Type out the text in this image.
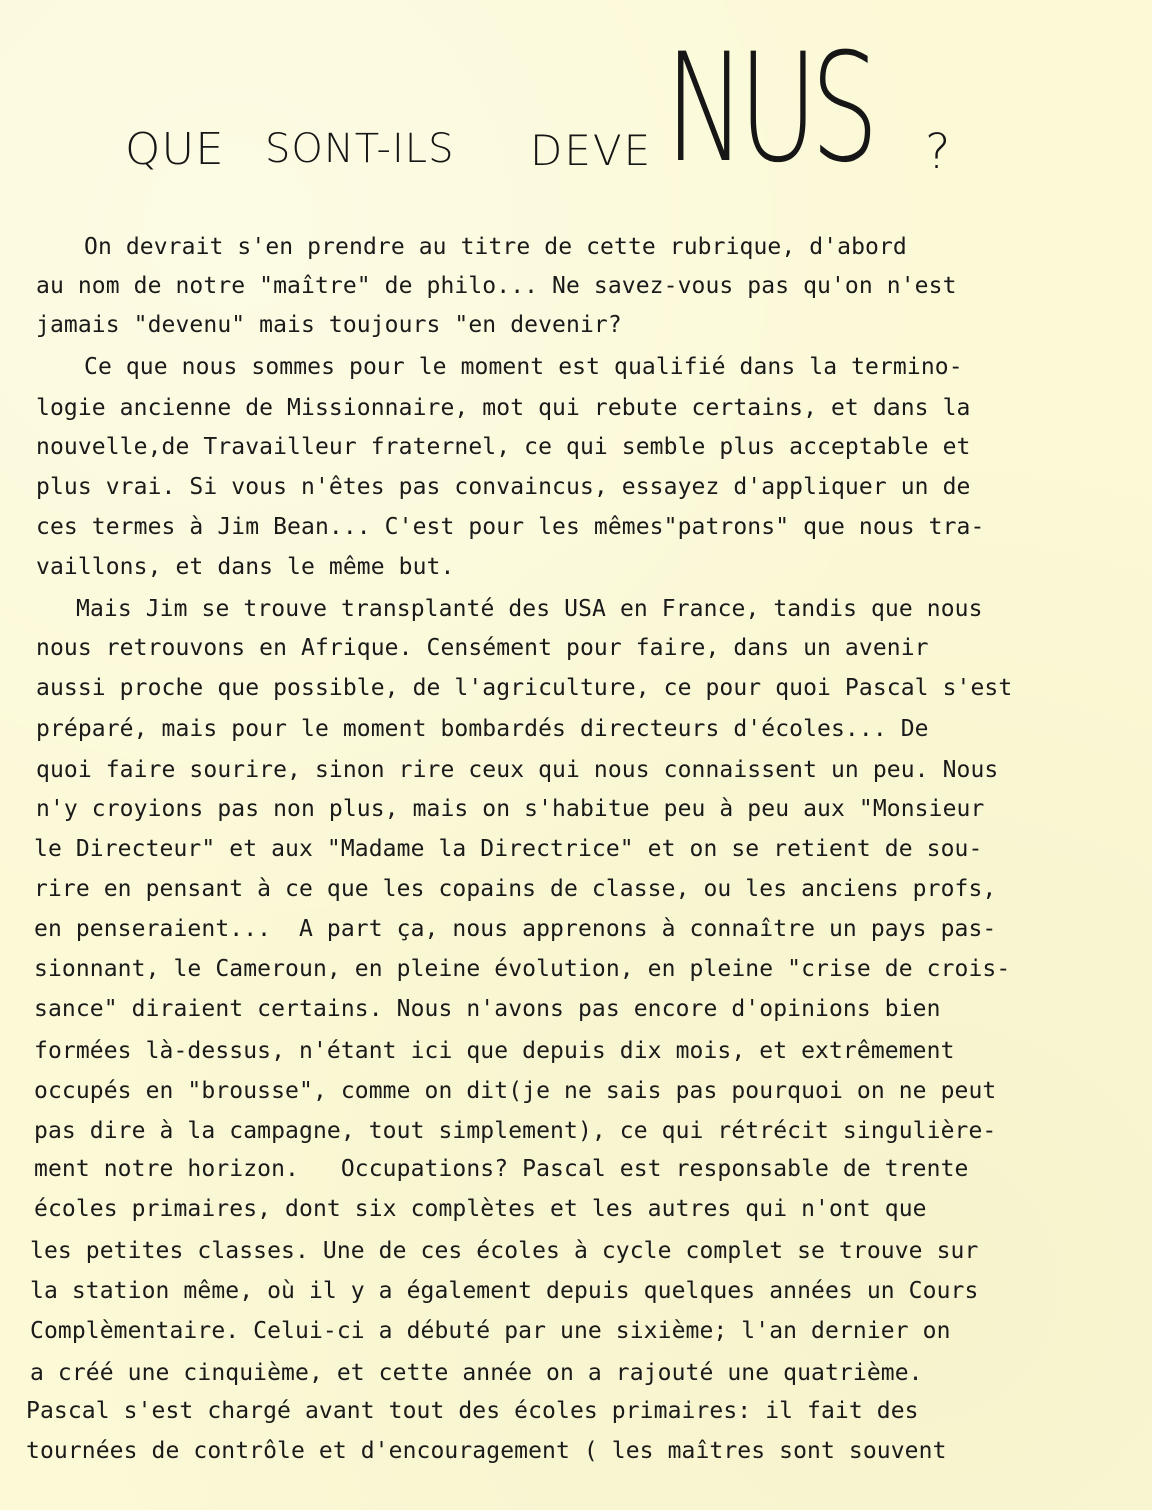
QUE SONT-ILS DEVE NUS ?
On devrait s'en prendre au titre de cette rubrique, d'abord
au nom de notre "maître" de philo... Ne savez-vous pas qu'on n'est
jamais "devenu" mais toujours "en devenir?
Ce que nous sommes pour le moment est qualifié dans la termino-
logie ancienne de Missionnaire, mot qui rebute certains, et dans la
nouvelle,de Travailleur fraternel, ce qui semble plus acceptable et
plus vrai. Si vous n'êtes pas convaincus, essayez d'appliquer un de
ces termes à Jim Bean... C'est pour les mêmes"patrons" que nous tra-
vaillons, et dans le même but.
Mais Jim se trouve transplanté des USA en France, tandis que nous
nous retrouvons en Afrique. Censément pour faire, dans un avenir
aussi proche que possible, de l'agriculture, ce pour quoi Pascal s'est
préparé, mais pour le moment bombardés directeurs d'écoles... De
quoi faire sourire, sinon rire ceux qui nous connaissent un peu. Nous
n'y croyions pas non plus, mais on s'habitue peu à peu aux "Monsieur
le Directeur" et aux "Madame la Directrice" et on se retient de sou-
rire en pensant à ce que les copains de classe, ou les anciens profs,
en penseraient...  A part ça, nous apprenons à connaître un pays pas-
sionnant, le Cameroun, en pleine évolution, en pleine "crise de crois-
sance" diraient certains. Nous n'avons pas encore d'opinions bien
formées là-dessus, n'étant ici que depuis dix mois, et extrêmement
occupés en "brousse", comme on dit(je ne sais pas pourquoi on ne peut
pas dire à la campagne, tout simplement), ce qui rétrécit singulière-
ment notre horizon.   Occupations? Pascal est responsable de trente
écoles primaires, dont six complètes et les autres qui n'ont que
les petites classes. Une de ces écoles à cycle complet se trouve sur
la station même, où il y a également depuis quelques années un Cours
Complèmentaire. Celui-ci a débuté par une sixième; l'an dernier on
a créé une cinquième, et cette année on a rajouté une quatrième.
Pascal s'est chargé avant tout des écoles primaires: il fait des
tournées de contrôle et d'encouragement ( les maîtres sont souvent
